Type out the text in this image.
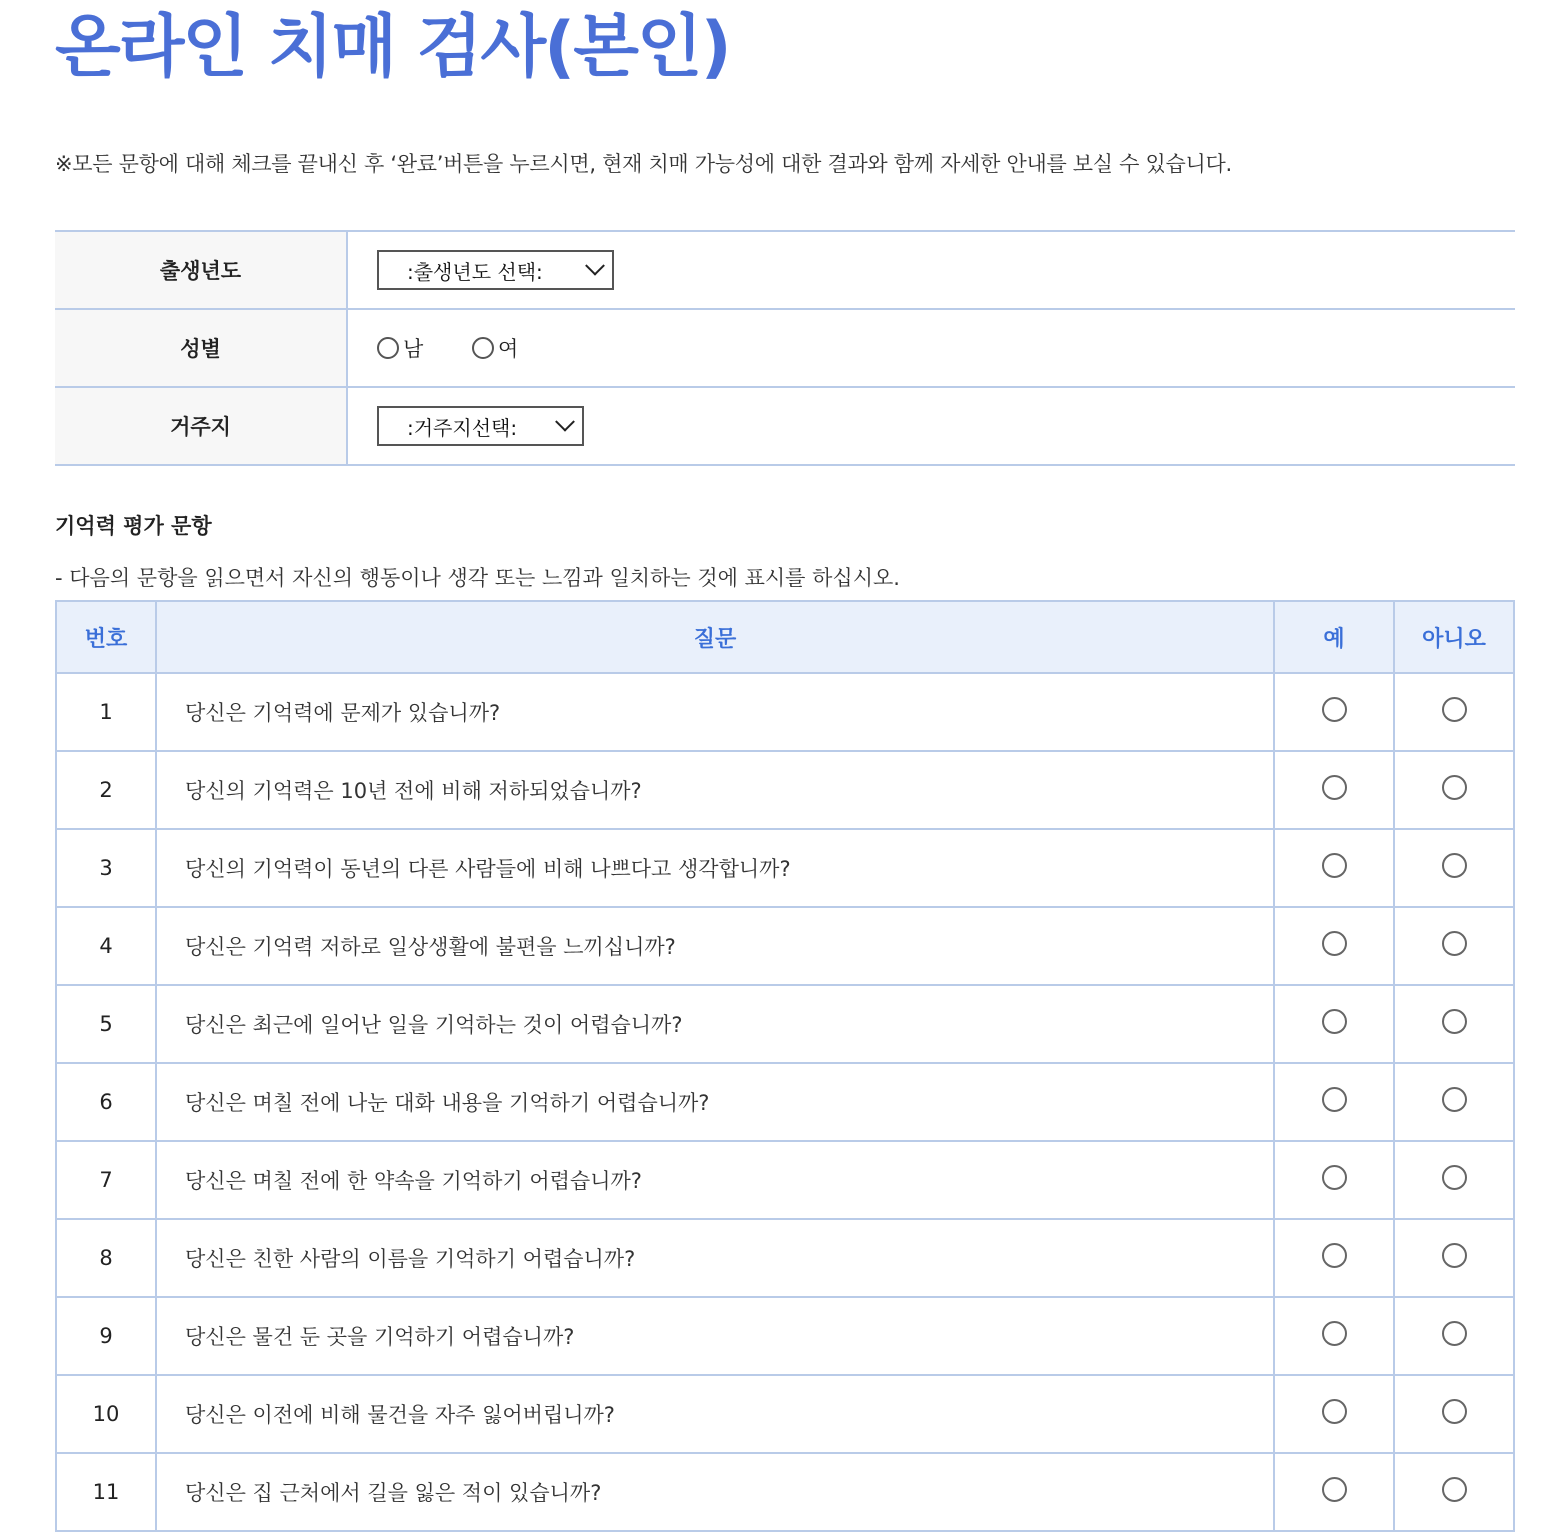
온라인 치매 검사(본인)
※모든 문항에 대해 체크를 끝내신 후 ‘완료’버튼을 누르시면, 현재 치매 가능성에 대한 결과와 함께 자세한 안내를 보실 수 있습니다.
출생년도	:출생년도 선택:

성별	남
여

거주지	:거주지선택:
기억력 평가 문항
- 다음의 문항을 읽으면서 자신의 행동이나 생각 또는 느낌과 일치하는 것에 표시를 하십시오.
번호	질문	예	아니오
1	당신은 기억력에 문제가 있습니까?		
2	당신의 기억력은 10년 전에 비해 저하되었습니까?		
3	당신의 기억력이 동년의 다른 사람들에 비해 나쁘다고 생각합니까?		
4	당신은 기억력 저하로 일상생활에 불편을 느끼십니까?		
5	당신은 최근에 일어난 일을 기억하는 것이 어렵습니까?		
6	당신은 며칠 전에 나눈 대화 내용을 기억하기 어렵습니까?		
7	당신은 며칠 전에 한 약속을 기억하기 어렵습니까?		
8	당신은 친한 사람의 이름을 기억하기 어렵습니까?		
9	당신은 물건 둔 곳을 기억하기 어렵습니까?		
10	당신은 이전에 비해 물건을 자주 잃어버립니까?		
11	당신은 집 근처에서 길을 잃은 적이 있습니까?		
